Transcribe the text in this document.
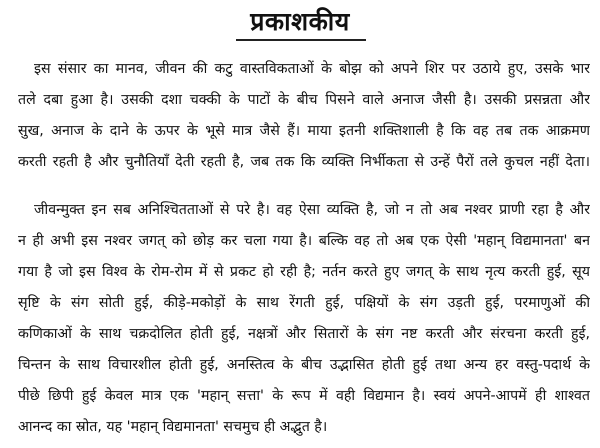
प्रकाशकीय
इस संसार का मानव, जीवन की कटु वास्तविकताओं के बोझ को अपने शिर पर उठाये हुए, उसके भार
तले दबा हुआ है। उसकी दशा चक्की के पाटों के बीच पिसने वाले अनाज जैसी है। उसकी प्रसन्नता और
सुख, अनाज के दाने के ऊपर के भूसे मात्र जैसे हैं। माया इतनी शक्तिशाली है कि वह तब तक आक्रमण
करती रहती है और चुनौतियाँ देती रहती है, जब तक कि व्यक्ति निर्भीकता से उन्हें पैरों तले कुचल नहीं देता।
जीवन्मुक्त इन सब अनिश्चितताओं से परे है। वह ऐसा व्यक्ति है, जो न तो अब नश्वर प्राणी रहा है और
न ही अभी इस नश्वर जगत् को छोड़ कर चला गया है। बल्कि वह तो अब एक ऐसी 'महान् विद्यमानता' बन
गया है जो इस विश्व के रोम-रोम में से प्रकट हो रही है; नर्तन करते हुए जगत् के साथ नृत्य करती हुई, सूय
सृष्टि के संग सोती हुई, कीड़े-मकोड़ों के साथ रेंगती हुई, पक्षियों के संग उड़ती हुई, परमाणुओं की
कणिकाओं के साथ चक्रदोलित होती हुई, नक्षत्रों और सितारों के संग नष्ट करती और संरचना करती हुई,
चिन्तन के साथ विचारशील होती हुई, अनस्तित्व के बीच उद्भासित होती हुई तथा अन्य हर वस्तु-पदार्थ के
पीछे छिपी हुई केवल मात्र एक 'महान् सत्ता' के रूप में वही विद्यमान है। स्वयं अपने-आपमें ही शाश्वत
आनन्द का स्रोत, यह 'महान् विद्यमानता' सचमुच ही अद्भुत है।
